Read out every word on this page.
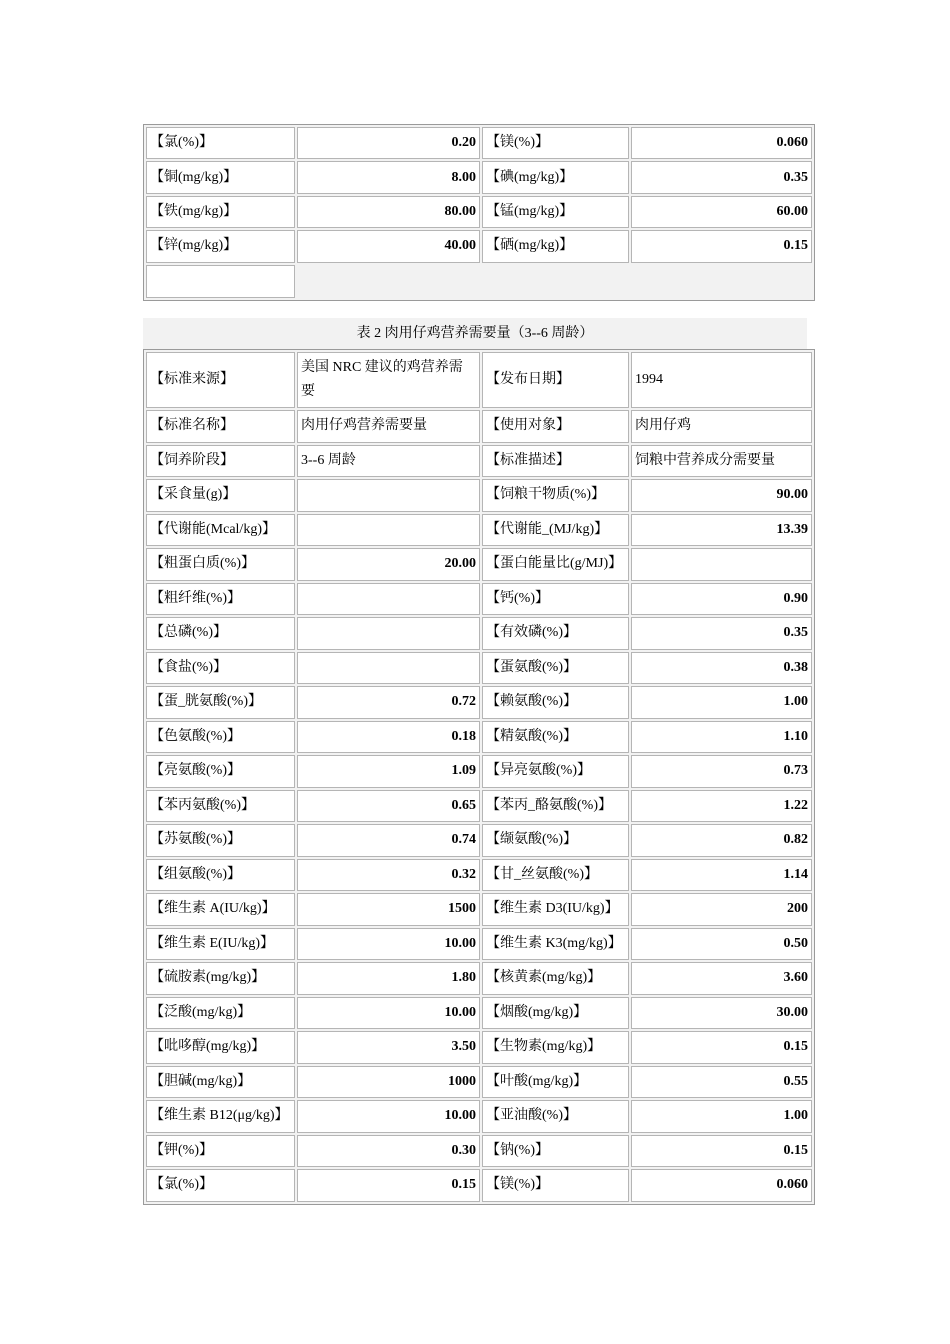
【氯(%)】	0.20	【镁(%)】	0.060
【铜(mg/kg)】	8.00	【碘(mg/kg)】	0.35
【铁(mg/kg)】	80.00	【锰(mg/kg)】	60.00
【锌(mg/kg)】	40.00	【硒(mg/kg)】	0.15

表 2 肉用仔鸡营养需要量（3--6 周龄）
【标准来源】	美国 NRC 建议的鸡营养需要	【发布日期】	1994
【标准名称】	肉用仔鸡营养需要量	【使用对象】	肉用仔鸡
【饲养阶段】	3--6 周龄	【标准描述】	饲粮中营养成分需要量
【采食量(g)】		【饲粮干物质(%)】	90.00
【代谢能(Mcal/kg)】		【代谢能_(MJ/kg)】	13.39
【粗蛋白质(%)】	20.00	【蛋白能量比(g/MJ)】	
【粗纤维(%)】		【钙(%)】	0.90
【总磷(%)】		【有效磷(%)】	0.35
【食盐(%)】		【蛋氨酸(%)】	0.38
【蛋_胱氨酸(%)】	0.72	【赖氨酸(%)】	1.00
【色氨酸(%)】	0.18	【精氨酸(%)】	1.10
【亮氨酸(%)】	1.09	【异亮氨酸(%)】	0.73
【苯丙氨酸(%)】	0.65	【苯丙_酪氨酸(%)】	1.22
【苏氨酸(%)】	0.74	【缬氨酸(%)】	0.82
【组氨酸(%)】	0.32	【甘_丝氨酸(%)】	1.14
【维生素 A(IU/kg)】	1500	【维生素 D3(IU/kg)】	200
【维生素 E(IU/kg)】	10.00	【维生素 K3(mg/kg)】	0.50
【硫胺素(mg/kg)】	1.80	【核黄素(mg/kg)】	3.60
【泛酸(mg/kg)】	10.00	【烟酸(mg/kg)】	30.00
【吡哆醇(mg/kg)】	3.50	【生物素(mg/kg)】	0.15
【胆碱(mg/kg)】	1000	【叶酸(mg/kg)】	0.55
【维生素 B12(μg/kg)】	10.00	【亚油酸(%)】	1.00
【钾(%)】	0.30	【钠(%)】	0.15
【氯(%)】	0.15	【镁(%)】	0.060
